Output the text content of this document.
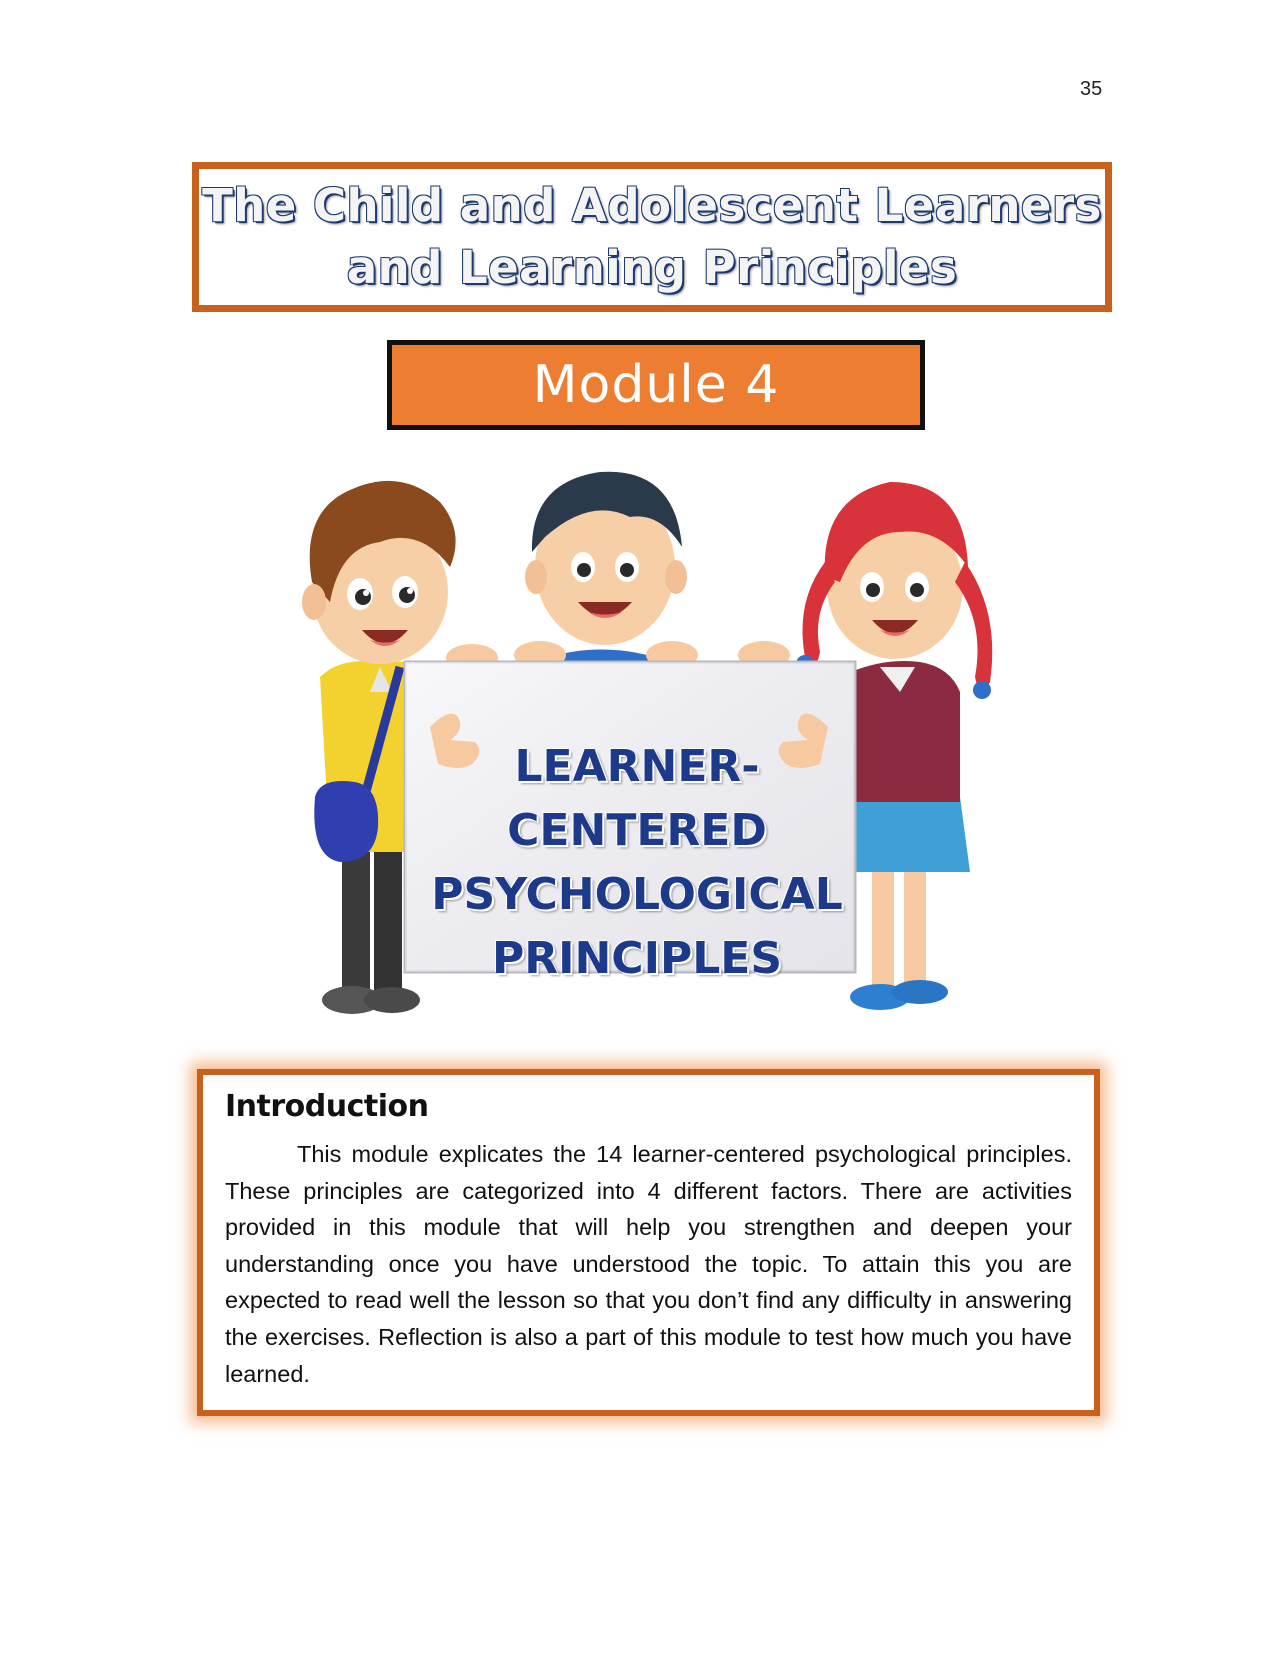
35
The Child and Adolescent Learners
and Learning Principles
Module 4
LEARNER-
CENTERED
PSYCHOLOGICAL
PRINCIPLES
Introduction

This module explicates the 14 learner-centered psychological principles. These principles are categorized into 4 different factors. There are activities provided in this module that will help you strengthen and deepen your understanding once you have understood the topic. To attain this you are expected to read well the lesson so that you don’t find any difficulty in answering the exercises. Reflection is also a part of this module to test how much you have learned.
